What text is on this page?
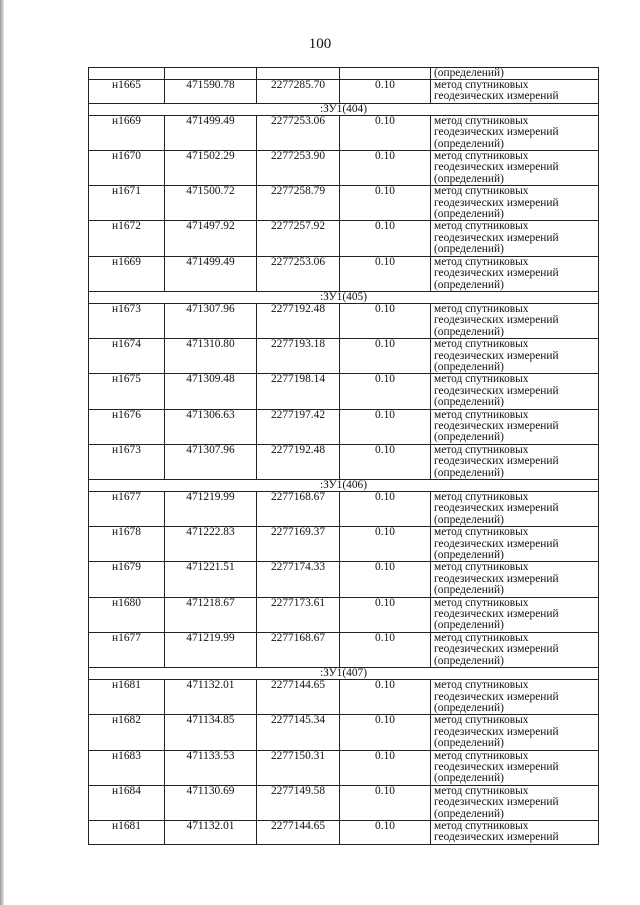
100
				(определений)
н1665	471590.78	2277285.70	0.10	метод спутниковых
геодезических измерений

:ЗУ1(404)				
н1669	471499.49	2277253.06	0.10	метод спутниковых
геодезических измерений
(определений)

н1670	471502.29	2277253.90	0.10	метод спутниковых
геодезических измерений
(определений)

н1671	471500.72	2277258.79	0.10	метод спутниковых
геодезических измерений
(определений)

н1672	471497.92	2277257.92	0.10	метод спутниковых
геодезических измерений
(определений)

н1669	471499.49	2277253.06	0.10	метод спутниковых
геодезических измерений
(определений)

:ЗУ1(405)				
н1673	471307.96	2277192.48	0.10	метод спутниковых
геодезических измерений
(определений)

н1674	471310.80	2277193.18	0.10	метод спутниковых
геодезических измерений
(определений)

н1675	471309.48	2277198.14	0.10	метод спутниковых
геодезических измерений
(определений)

н1676	471306.63	2277197.42	0.10	метод спутниковых
геодезических измерений
(определений)

н1673	471307.96	2277192.48	0.10	метод спутниковых
геодезических измерений
(определений)

:ЗУ1(406)				
н1677	471219.99	2277168.67	0.10	метод спутниковых
геодезических измерений
(определений)

н1678	471222.83	2277169.37	0.10	метод спутниковых
геодезических измерений
(определений)

н1679	471221.51	2277174.33	0.10	метод спутниковых
геодезических измерений
(определений)

н1680	471218.67	2277173.61	0.10	метод спутниковых
геодезических измерений
(определений)

н1677	471219.99	2277168.67	0.10	метод спутниковых
геодезических измерений
(определений)

:ЗУ1(407)				
н1681	471132.01	2277144.65	0.10	метод спутниковых
геодезических измерений
(определений)

н1682	471134.85	2277145.34	0.10	метод спутниковых
геодезических измерений
(определений)

н1683	471133.53	2277150.31	0.10	метод спутниковых
геодезических измерений
(определений)

н1684	471130.69	2277149.58	0.10	метод спутниковых
геодезических измерений
(определений)

н1681	471132.01	2277144.65	0.10	метод спутниковых
геодезических измерений
